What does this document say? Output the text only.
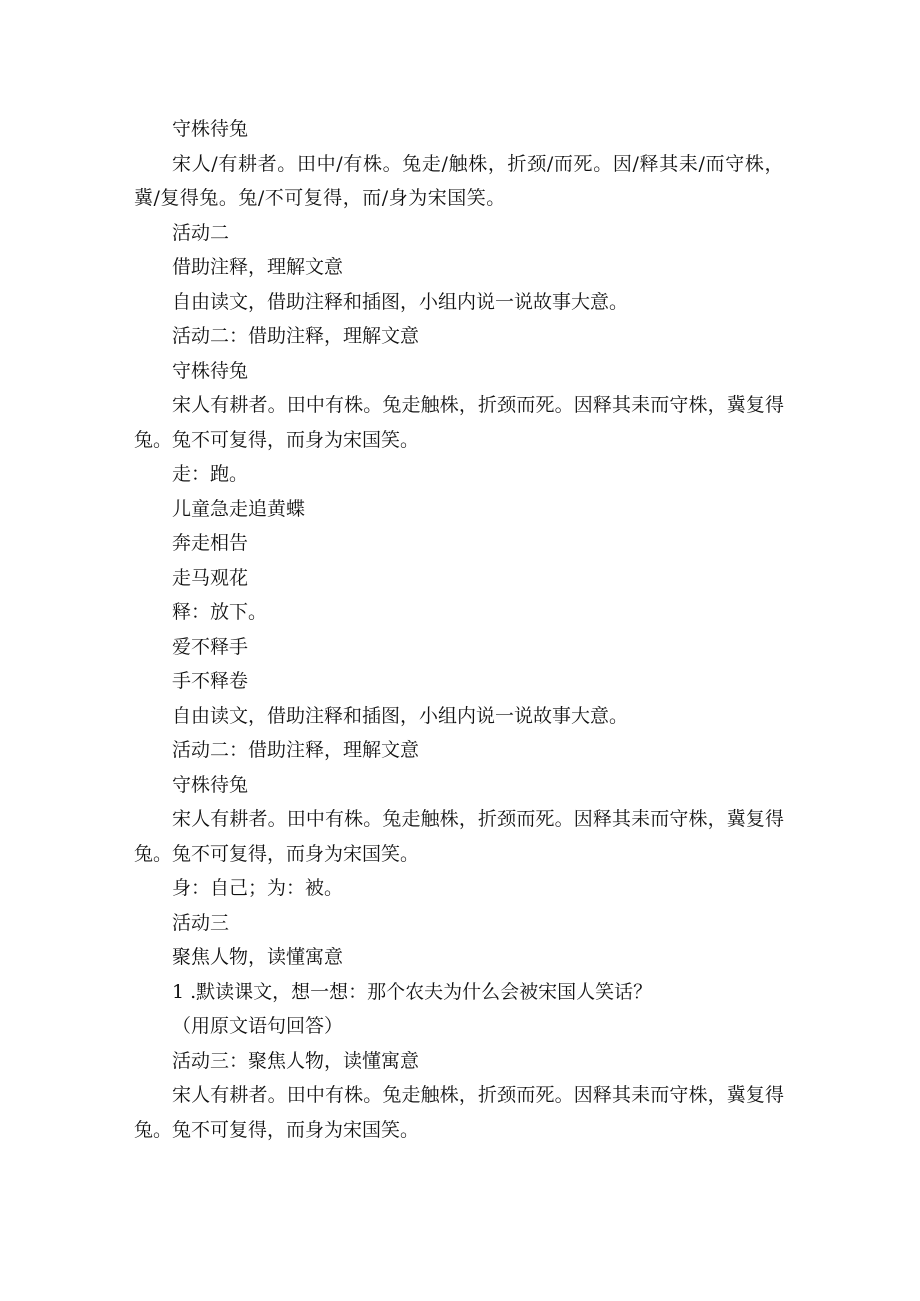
守株待兔

宋人/有耕者。田中/有株。兔走/触株，折颈/而死。因/释其耒/而守株，冀/复得兔。兔/不可复得，而/身为宋国笑。

活动二

借助注释，理解文意

自由读文，借助注释和插图，小组内说一说故事大意。

活动二：借助注释，理解文意

守株待兔

宋人有耕者。田中有株。兔走触株，折颈而死。因释其耒而守株，冀复得兔。兔不可复得，而身为宋国笑。

走：跑。

儿童急走追黄蝶

奔走相告

走马观花

释：放下。

爱不释手

手不释卷

自由读文，借助注释和插图，小组内说一说故事大意。

活动二：借助注释，理解文意

守株待兔

宋人有耕者。田中有株。兔走触株，折颈而死。因释其耒而守株，冀复得兔。兔不可复得，而身为宋国笑。

身：自己；为：被。

活动三

聚焦人物，读懂寓意

1 .默读课文，想一想：那个农夫为什么会被宋国人笑话？

（用原文语句回答）

活动三：聚焦人物，读懂寓意

宋人有耕者。田中有株。兔走触株，折颈而死。因释其耒而守株，冀复得兔。兔不可复得，而身为宋国笑。
